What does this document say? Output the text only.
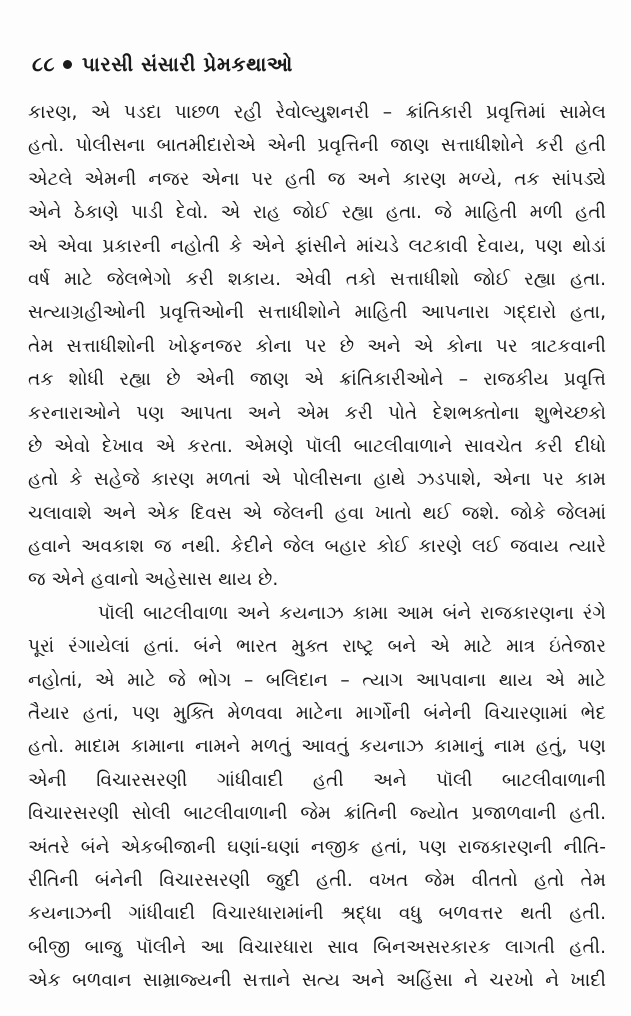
૮૮ પારસી સંસારી પ્રેમકથાઓ
કારણ, એ પડદા પાછળ રહી રેવોલ્યુશનરી – ક્રાંતિકારી પ્રવૃત્તિમાં સામેલ
હતો. પોલીસના બાતમીદારોએ એની પ્રવૃત્તિની જાણ સત્તાધીશોને કરી હતી
એટલે એમની નજર એના પર હતી જ અને કારણ મળ્યે, તક સાંપડ્યે
એને ઠેકાણે પાડી દેવો. એ રાહ જોઈ રહ્યા હતા. જે માહિતી મળી હતી
એ એવા પ્રકારની નહોતી કે એને ફાંસીને માંચડે લટકાવી દેવાય, પણ થોડાં
વર્ષ માટે જેલભેગો કરી શકાય. એવી તકો સત્તાધીશો જોઈ રહ્યા હતા.
સત્યાગ્રહીઓની પ્રવૃત્તિઓની સત્તાધીશોને માહિતી આપનારા ગદ્દારો હતા,
તેમ સત્તાધીશોની ખોફનજર કોના પર છે અને એ કોના પર ત્રાટકવાની
તક શોધી રહ્યા છે એની જાણ એ ક્રાંતિકારીઓને – રાજકીય પ્રવૃત્તિ
કરનારાઓને પણ આપતા અને એમ કરી પોતે દેશભક્તોના શુભેચ્છકો
છે એવો દેખાવ એ કરતા. એમણે પૉલી બાટલીવાળાને સાવચેત કરી દીધો
હતો કે સહેજે કારણ મળતાં એ પોલીસના હાથે ઝડપાશે, એના પર કામ
ચલાવાશે અને એક દિવસ એ જેલની હવા ખાતો થઈ જશે. જોકે જેલમાં
હવાને અવકાશ જ નથી. કેદીને જેલ બહાર કોઈ કારણે લઈ જવાય ત્યારે
જ એને હવાનો અહેસાસ થાય છે.
પૉલી બાટલીવાળા અને કયનાઝ કામા આમ બંને રાજકારણના રંગે
પૂરાં રંગાયેલાં હતાં. બંને ભારત મુક્ત રાષ્ટ્ર બને એ માટે માત્ર ઇંતેજાર
નહોતાં, એ માટે જે ભોગ – બલિદાન – ત્યાગ આપવાના થાય એ માટે
તૈયાર હતાં, પણ મુક્તિ મેળવવા માટેના માર્ગોની બંનેની વિચારણામાં ભેદ
હતો. માદામ કામાના નામને મળતું આવતું કયનાઝ કામાનું નામ હતું, પણ
એની વિચારસરણી ગાંધીવાદી હતી અને પૉલી બાટલીવાળાની
વિચારસરણી સોલી બાટલીવાળાની જેમ ક્રાંતિની જ્યોત પ્રજાળવાની હતી.
અંતરે બંને એકબીજાની ઘણાં-ઘણાં નજીક હતાં, પણ રાજકારણની નીતિ-
રીતિની બંનેની વિચારસરણી જુદી હતી. વખત જેમ વીતતો હતો તેમ
કયનાઝની ગાંધીવાદી વિચારધારામાંની શ્રદ્ધા વધુ બળવત્તર થતી હતી.
બીજી બાજુ પૉલીને આ વિચારધારા સાવ બિનઅસરકારક લાગતી હતી.
એક બળવાન સામ્રાજ્યની સત્તાને સત્ય અને અહિંસા ને ચરખો ને ખાદી
